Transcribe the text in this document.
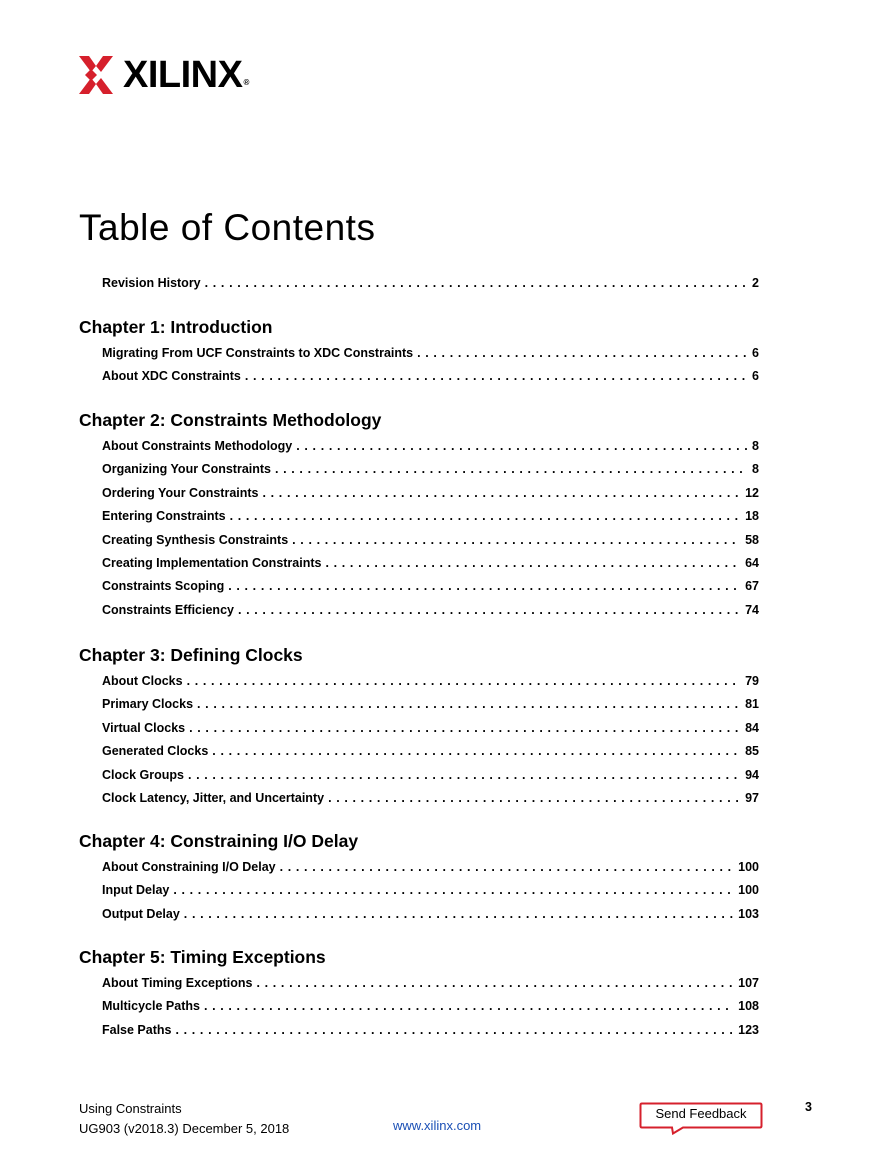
XILINX®
Table of Contents
Revision History . . .	2
Chapter 1: Introduction
Migrating From UCF Constraints to XDC Constraints . . .	6
About XDC Constraints . . .	6
Chapter 2: Constraints Methodology
About Constraints Methodology . . .	8
Organizing Your Constraints . . .	8
Ordering Your Constraints . . .	12
Entering Constraints . . .	18
Creating Synthesis Constraints . . .	58
Creating Implementation Constraints . . .	64
Constraints Scoping . . .	67
Constraints Efficiency . . .	74
Chapter 3: Defining Clocks
About Clocks . . .	79
Primary Clocks . . .	81
Virtual Clocks . . .	84
Generated Clocks . . .	85
Clock Groups . . .	94
Clock Latency, Jitter, and Uncertainty . . .	97
Chapter 4: Constraining I/O Delay
About Constraining I/O Delay . . .	100
Input Delay . . .	100
Output Delay . . .	103
Chapter 5: Timing Exceptions
About Timing Exceptions . . .	107
Multicycle Paths . . .	108
False Paths . . .	123
Using Constraints
UG903 (v2018.3) December 5, 2018	www.xilinx.com
Send Feedback	3
